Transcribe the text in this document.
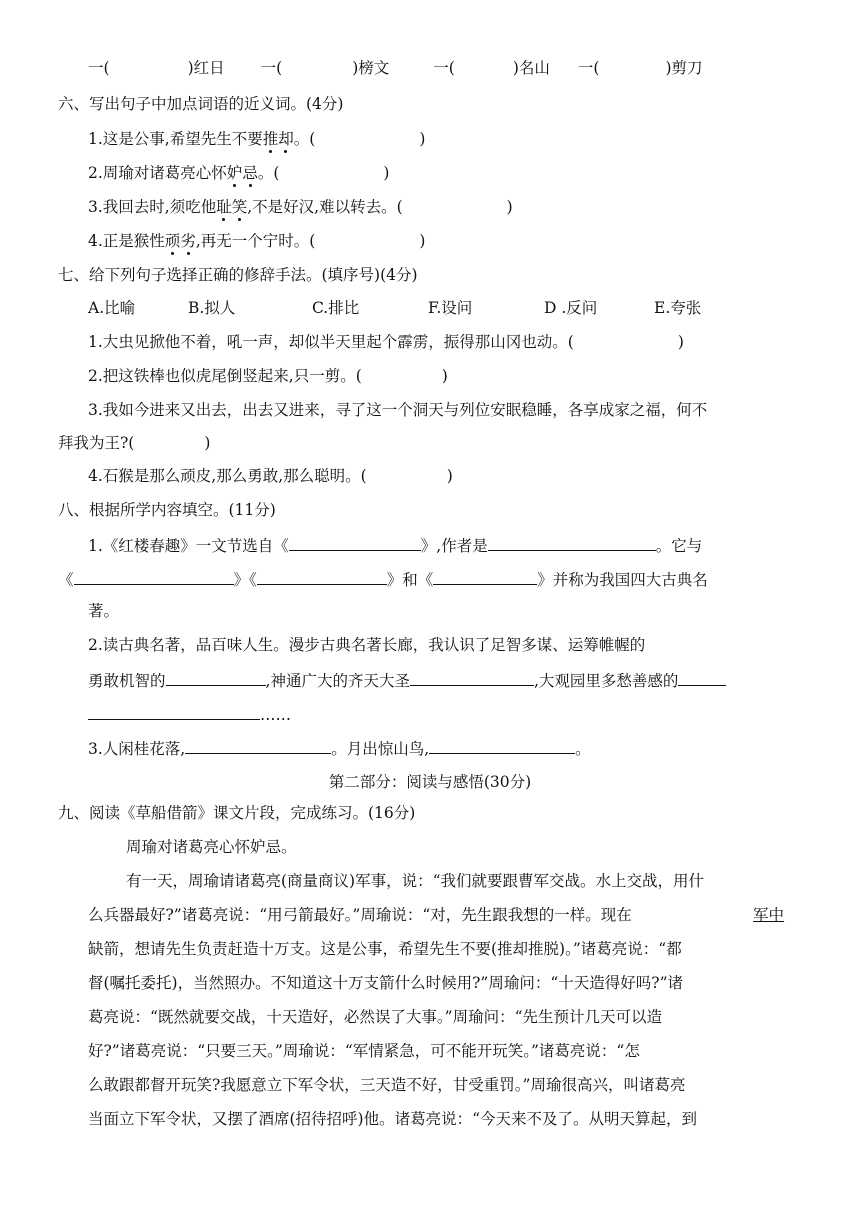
一(	)红日 一(	)榜文	一(	)名山 一(	)剪刀
六、写出句子中加点词语的近义词。(4分)
1.这是公事,希望先生不要推却。(	)
2.周瑜对诸葛亮心怀妒忌。(	)
3.我回去时,须吃他耻笑,不是好汉,难以转去。(	)
4.正是猴性顽劣,再无一个宁时。(	)
七、给下列句子选择正确的修辞手法。(填序号)(4分)
A.比喻	B.拟人	C.排比	F.设问	D .反问	E.夸张
1.大虫见掀他不着，吼一声，却似半天里起个霹雳，振得那山冈也动。(	)
2.把这铁棒也似虎尾倒竖起来,只一剪。(	)
3.我如今进来又出去，出去又进来，寻了这一个洞天与列位安眠稳睡，各享成家之福，何不
拜我为王?(	)
4.石猴是那么顽皮,那么勇敢,那么聪明。(	)
八、根据所学内容填空。(11分)
1.《红楼春趣》一文节选自《	》,作者是	。它与
《	》《	》和《	》并称为我国四大古典名
著。
2.读古典名著，品百味人生。漫步古典名著长廊，我认识了足智多谋、运筹帷幄的
勇敢机智的	,神通广大的齐天大圣	,大观园里多愁善感的
……
3.人闲桂花落,	。月出惊山鸟,	。
第二部分：阅读与感悟(30分)
九、阅读《草船借箭》课文片段，完成练习。(16分)
周瑜对诸葛亮心怀妒忌。
有一天，周瑜请诸葛亮(商量商议)军事，说：“我们就要跟曹军交战。水上交战，用什
么兵器最好?”诸葛亮说：“用弓箭最好。”周瑜说：“对，先生跟我想的一样。现在	军中
缺箭，想请先生负责赶造十万支。这是公事，希望先生不要(推却推脱)。”诸葛亮说：“都
督(嘱托委托)，当然照办。不知道这十万支箭什么时候用?”周瑜问：“十天造得好吗?”诸
葛亮说：“既然就要交战，十天造好，必然误了大事。”周瑜问：“先生预计几天可以造
好?”诸葛亮说：“只要三天。”周瑜说：“军情紧急，可不能开玩笑。”诸葛亮说：“怎
么敢跟都督开玩笑?我愿意立下军令状，三天造不好，甘受重罚。”周瑜很高兴，叫诸葛亮
当面立下军令状，又摆了酒席(招待招呼)他。诸葛亮说：“今天来不及了。从明天算起，到
